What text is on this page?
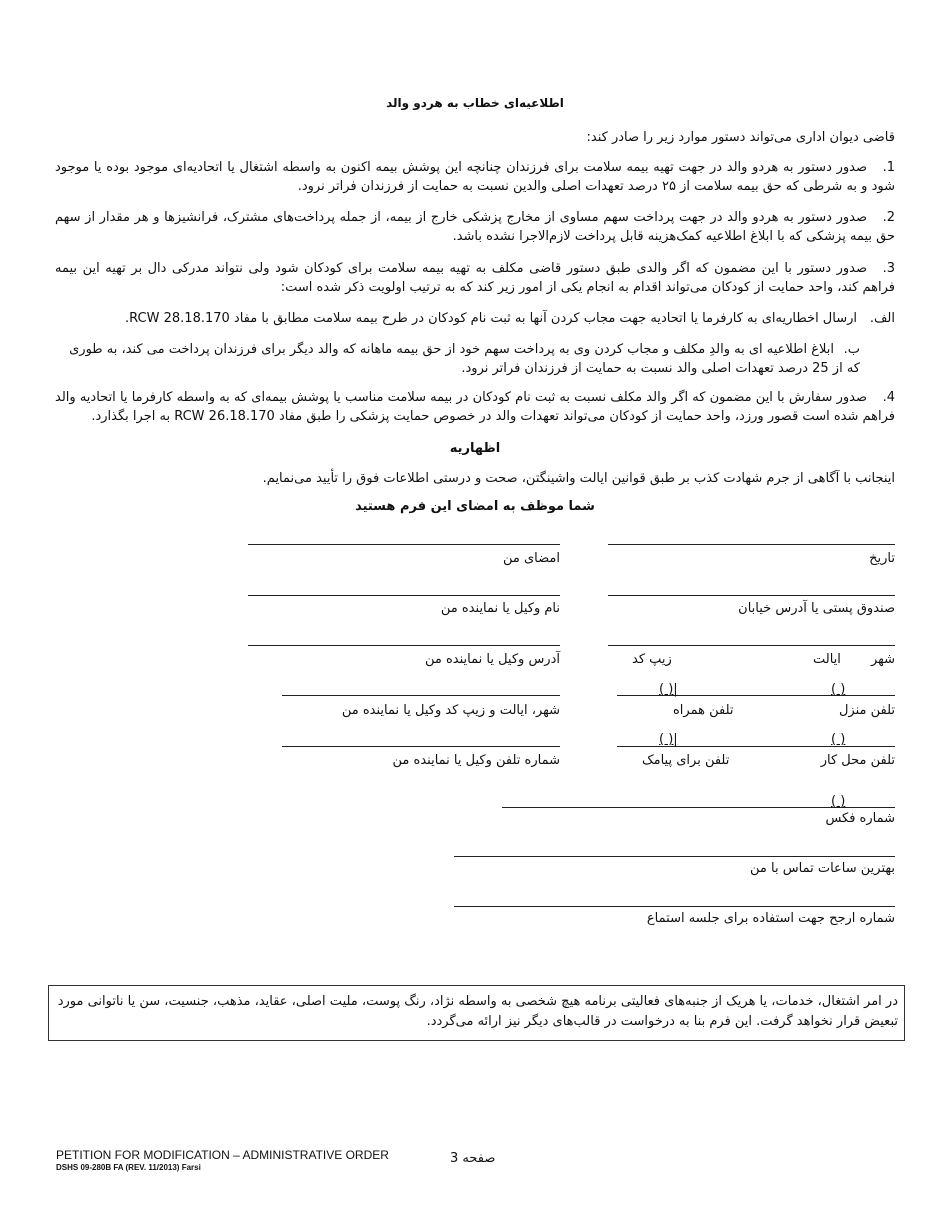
اطلاعیه‌ای خطاب به هردو والد
قاضی دیوان اداری می‌تواند دستور موارد زیر را صادر کند:
1.صدور دستور به هردو والد در جهت تهیه بیمه سلامت برای فرزندان چنانچه این پوشش بیمه اکنون به واسطه اشتغال یا اتحادیه‌ای موجود بوده یا موجود شود و به شرطی که حق بیمه سلامت از ۲۵ درصد تعهدات اصلی والدین نسبت به حمایت از فرزندان فراتر نرود.
2.صدور دستور به هردو والد در جهت پرداخت سهم مساوی از مخارج پزشکی خارج از بیمه، از جمله پرداخت‌های مشترک، فرانشیزها و هر مقدار از سهم حق بیمه پزشکی که با ابلاغ اطلاعیه کمک‌هزینه قابل پرداخت لازم‌الاجرا نشده باشد.
3.صدور دستور با این مضمون که اگر والدی طبق دستور قاضی مکلف به تهیه بیمه سلامت برای کودکان شود ولی نتواند مدرکی دال بر تهیه این بیمه فراهم کند، واحد حمایت از کودکان می‌تواند اقدام به انجام یکی از امور زیر کند که به ترتیب اولویت ذکر شده است:
الف.ارسال اخطاریه‌ای به کارفرما یا اتحادیه جهت مجاب کردن آنها به ثبت نام کودکان در طرح بیمه سلامت مطابق با مفاد RCW 28.18.170.
ب.ابلاغ اطلاعیه ای به والدِ مکلف و مجاب کردن وی به پرداخت سهم خود از حق بیمه ماهانه که والد دیگر برای فرزندان پرداخت می کند، به طوری که از 25 درصد تعهدات اصلی والد نسبت به حمایت از فرزندان فراتر نرود.
4.صدور سفارش با این مضمون که اگر والد مکلف نسبت به ثبت نام کودکان در بیمه سلامت مناسب یا پوشش بیمه‌ای که به واسطه کارفرما یا اتحادیه والد فراهم شده است قصور ورزد، واحد حمایت از کودکان می‌تواند تعهدات والد در خصوص حمایت پزشکی را طبق مفاد RCW 26.18.170 به اجرا بگذارد.
اظهاریه
اینجانب با آگاهی از جرم شهادت کذب بر طبق قوانین ایالت واشینگتن، صحت و درستی اطلاعات فوق را تأیید می‌نمایم.
شما موظف به امضای این فرم هستید
( )
( )|
( )
( )|
( )
تاریخ
صندوق پستی یا آدرس خیابان
شهر
ایالت
زیپ کد
تلفن منزل
تلفن همراه
تلفن محل کار
تلفن برای پیامک
شماره فکس
بهترین ساعات تماس با من
شماره ارجح جهت استفاده برای جلسه استماع
امضای من
نام وکیل یا نماینده من
آدرس وکیل یا نماینده من
شهر، ایالت و زیپ کد وکیل یا نماینده من
شماره تلفن وکیل یا نماینده من
در امر اشتغال، خدمات، یا هریک از جنبه‌های فعالیتی برنامه هیچ شخصی به واسطه نژاد، رنگ پوست، ملیت اصلی، عقاید، مذهب، جنسیت، سن یا ناتوانی مورد تبعیض قرار نخواهد گرفت. این فرم بنا به درخواست در قالب‌های دیگر نیز ارائه می‌گردد.
PETITION FOR MODIFICATION – ADMINISTRATIVE ORDER
DSHS 09-280B FA (REV. 11/2013) Farsi
صفحه 3
